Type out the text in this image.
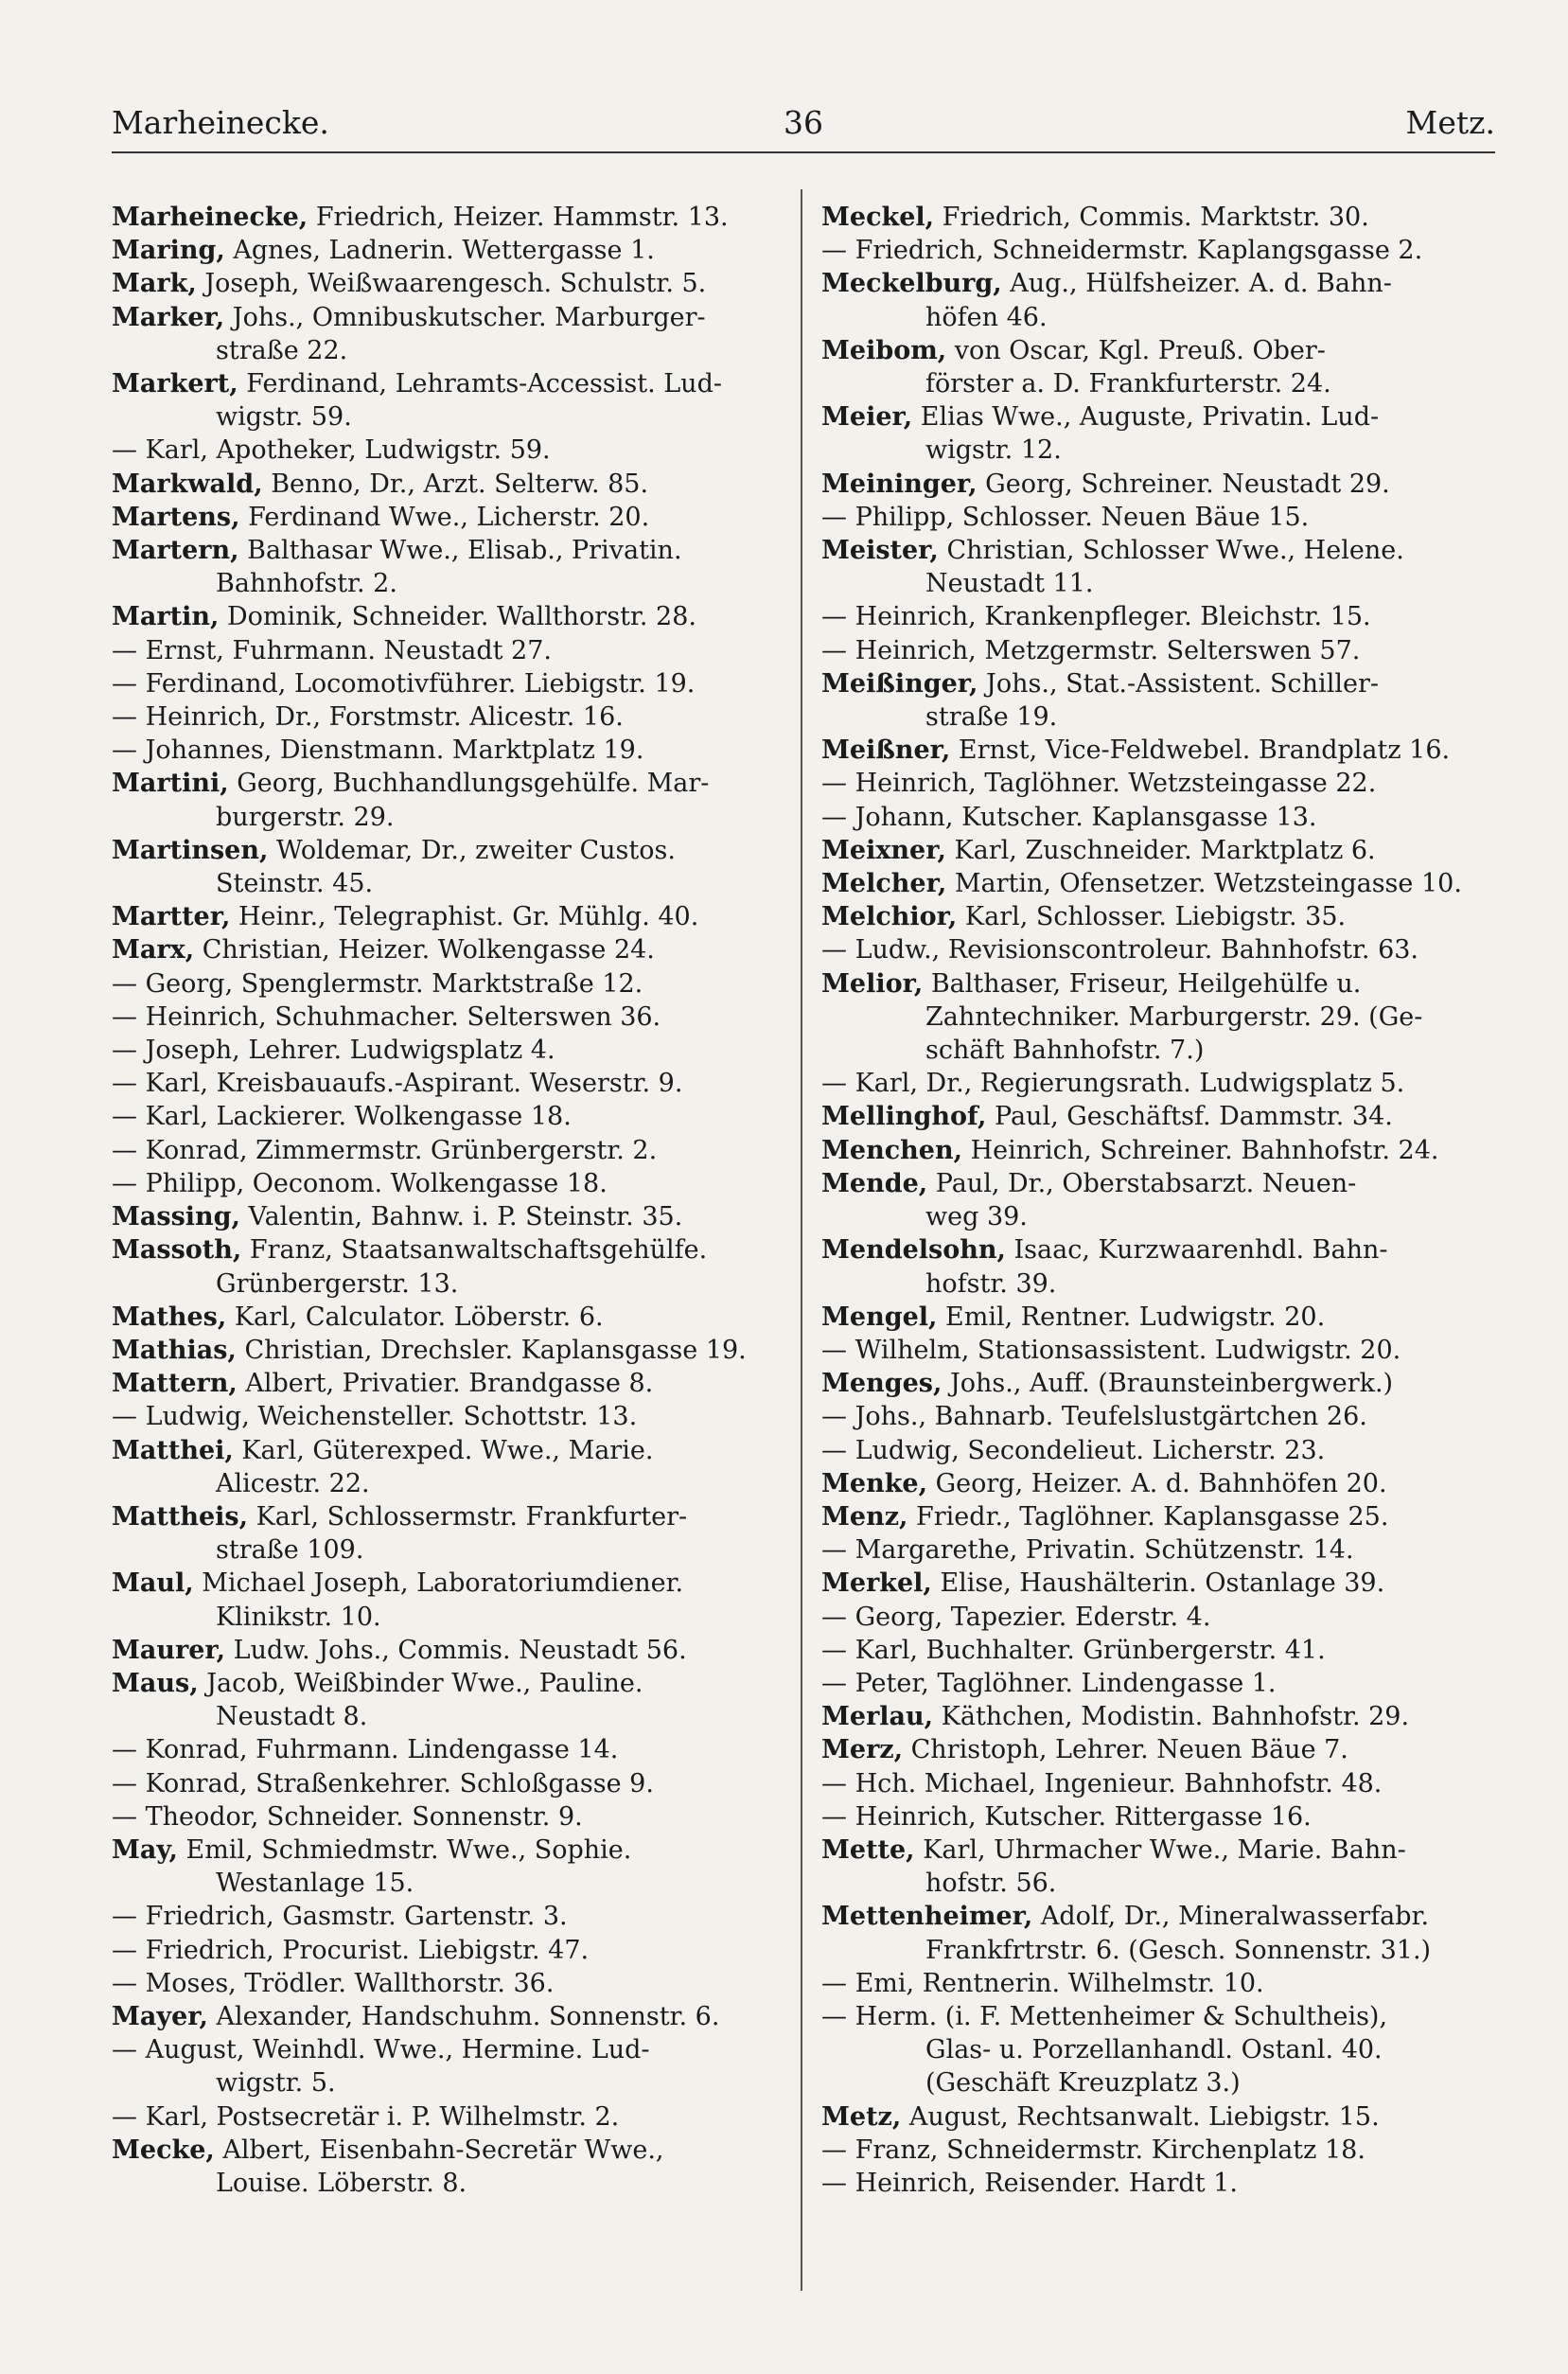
Marheinecke.	36	Metz.

Marheinecke, Friedrich, Heizer. Hammstr. 13.

Maring, Agnes, Ladnerin. Wettergasse 1.

Mark, Joseph, Weißwaarengesch. Schulstr. 5.

Marker, Johs., Omnibuskutscher. Marburger-
straße 22.

Markert, Ferdinand, Lehramts-Accessist. Lud-
wigstr. 59.

— Karl, Apotheker, Ludwigstr. 59.

Markwald, Benno, Dr., Arzt. Selterw. 85.

Martens, Ferdinand Wwe., Licherstr. 20.

Martern, Balthasar Wwe., Elisab., Privatin.
Bahnhofstr. 2.

Martin, Dominik, Schneider. Wallthorstr. 28.

— Ernst, Fuhrmann. Neustadt 27.

— Ferdinand, Locomotivführer. Liebigstr. 19.

— Heinrich, Dr., Forstmstr. Alicestr. 16.

— Johannes, Dienstmann. Marktplatz 19.

Martini, Georg, Buchhandlungsgehülfe. Mar-
burgerstr. 29.

Martinsen, Woldemar, Dr., zweiter Custos.
Steinstr. 45.

Martter, Heinr., Telegraphist. Gr. Mühlg. 40.

Marx, Christian, Heizer. Wolkengasse 24.

— Georg, Spenglermstr. Marktstraße 12.

— Heinrich, Schuhmacher. Selterswen 36.

— Joseph, Lehrer. Ludwigsplatz 4.

— Karl, Kreisbauaufs.-Aspirant. Weserstr. 9.

— Karl, Lackierer. Wolkengasse 18.

— Konrad, Zimmermstr. Grünbergerstr. 2.

— Philipp, Oeconom. Wolkengasse 18.

Massing, Valentin, Bahnw. i. P. Steinstr. 35.

Massoth, Franz, Staatsanwaltschaftsgehülfe.
Grünbergerstr. 13.

Mathes, Karl, Calculator. Löberstr. 6.

Mathias, Christian, Drechsler. Kaplansgasse 19.

Mattern, Albert, Privatier. Brandgasse 8.

— Ludwig, Weichensteller. Schottstr. 13.

Matthei, Karl, Güterexped. Wwe., Marie.
Alicestr. 22.

Mattheis, Karl, Schlossermstr. Frankfurter-
straße 109.

Maul, Michael Joseph, Laboratoriumdiener.
Klinikstr. 10.

Maurer, Ludw. Johs., Commis. Neustadt 56.

Maus, Jacob, Weißbinder Wwe., Pauline.
Neustadt 8.

— Konrad, Fuhrmann. Lindengasse 14.

— Konrad, Straßenkehrer. Schloßgasse 9.

— Theodor, Schneider. Sonnenstr. 9.

May, Emil, Schmiedmstr. Wwe., Sophie.
Westanlage 15.

— Friedrich, Gasmstr. Gartenstr. 3.

— Friedrich, Procurist. Liebigstr. 47.

— Moses, Trödler. Wallthorstr. 36.

Mayer, Alexander, Handschuhm. Sonnenstr. 6.

— August, Weinhdl. Wwe., Hermine. Lud-
wigstr. 5.

— Karl, Postsecretär i. P. Wilhelmstr. 2.

Mecke, Albert, Eisenbahn-Secretär Wwe.,
Louise. Löberstr. 8.

Meckel, Friedrich, Commis. Marktstr. 30.

— Friedrich, Schneidermstr. Kaplangsgasse 2.

Meckelburg, Aug., Hülfsheizer. A. d. Bahn-
höfen 46.

Meibom, von Oscar, Kgl. Preuß. Ober-
förster a. D. Frankfurterstr. 24.

Meier, Elias Wwe., Auguste, Privatin. Lud-
wigstr. 12.

Meininger, Georg, Schreiner. Neustadt 29.

— Philipp, Schlosser. Neuen Bäue 15.

Meister, Christian, Schlosser Wwe., Helene.
Neustadt 11.

— Heinrich, Krankenpfleger. Bleichstr. 15.

— Heinrich, Metzgermstr. Selterswen 57.

Meißinger, Johs., Stat.-Assistent. Schiller-
straße 19.

Meißner, Ernst, Vice-Feldwebel. Brandplatz 16.

— Heinrich, Taglöhner. Wetzsteingasse 22.

— Johann, Kutscher. Kaplansgasse 13.

Meixner, Karl, Zuschneider. Marktplatz 6.

Melcher, Martin, Ofensetzer. Wetzsteingasse 10.

Melchior, Karl, Schlosser. Liebigstr. 35.

— Ludw., Revisionscontroleur. Bahnhofstr. 63.

Melior, Balthaser, Friseur, Heilgehülfe u.
Zahntechniker. Marburgerstr. 29. (Ge-

schäft Bahnhofstr. 7.)

— Karl, Dr., Regierungsrath. Ludwigsplatz 5.

Mellinghof, Paul, Geschäftsf. Dammstr. 34.

Menchen, Heinrich, Schreiner. Bahnhofstr. 24.

Mende, Paul, Dr., Oberstabsarzt. Neuen-
weg 39.

Mendelsohn, Isaac, Kurzwaarenhdl. Bahn-
hofstr. 39.

Mengel, Emil, Rentner. Ludwigstr. 20.

— Wilhelm, Stationsassistent. Ludwigstr. 20.

Menges, Johs., Auff. (Braunsteinbergwerk.)

— Johs., Bahnarb. Teufelslustgärtchen 26.

— Ludwig, Secondelieut. Licherstr. 23.

Menke, Georg, Heizer. A. d. Bahnhöfen 20.

Menz, Friedr., Taglöhner. Kaplansgasse 25.

— Margarethe, Privatin. Schützenstr. 14.

Merkel, Elise, Haushälterin. Ostanlage 39.

— Georg, Tapezier. Ederstr. 4.

— Karl, Buchhalter. Grünbergerstr. 41.

— Peter, Taglöhner. Lindengasse 1.

Merlau, Käthchen, Modistin. Bahnhofstr. 29.

Merz, Christoph, Lehrer. Neuen Bäue 7.

— Hch. Michael, Ingenieur. Bahnhofstr. 48.

— Heinrich, Kutscher. Rittergasse 16.

Mette, Karl, Uhrmacher Wwe., Marie. Bahn-
hofstr. 56.

Mettenheimer, Adolf, Dr., Mineralwasserfabr.
Frankfrtrstr. 6. (Gesch. Sonnenstr. 31.)

— Emi, Rentnerin. Wilhelmstr. 10.

— Herm. (i. F. Mettenheimer & Schultheis),
Glas- u. Porzellanhandl. Ostanl. 40.

(Geschäft Kreuzplatz 3.)

Metz, August, Rechtsanwalt. Liebigstr. 15.

— Franz, Schneidermstr. Kirchenplatz 18.

— Heinrich, Reisender. Hardt 1.
